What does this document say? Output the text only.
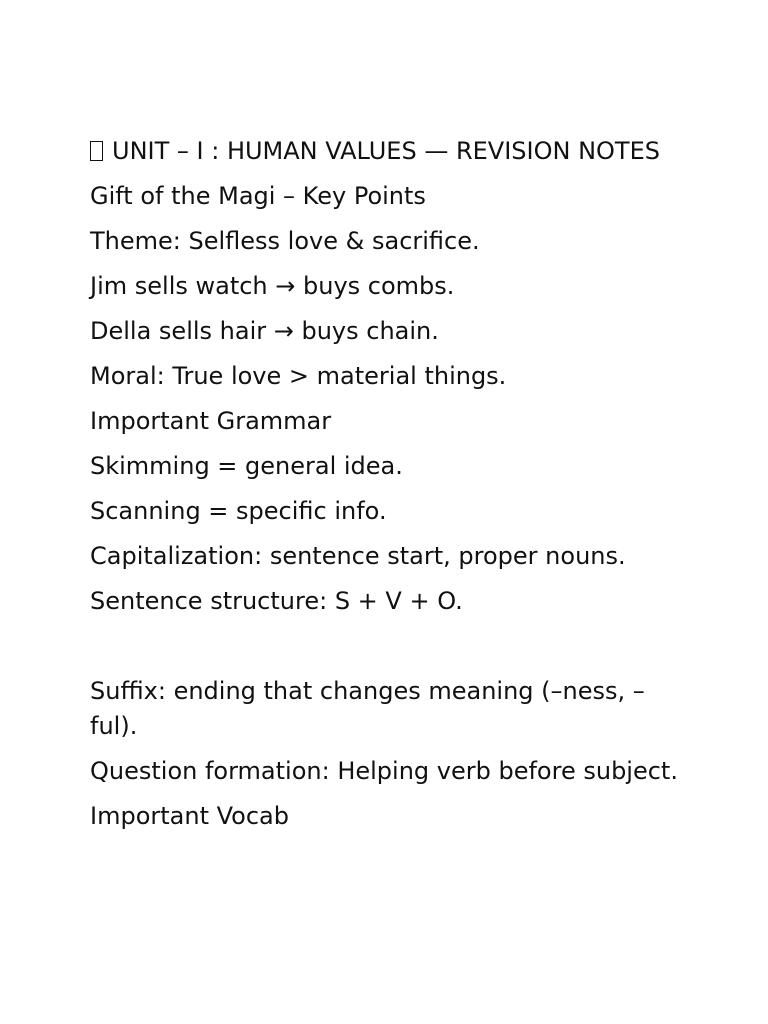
UNIT – I : HUMAN VALUES — REVISION NOTES
Gift of the Magi – Key Points
Theme: Selfless love & sacrifice.
Jim sells watch → buys combs.
Della sells hair → buys chain.
Moral: True love > material things.
Important Grammar
Skimming = general idea.
Scanning = specific info.
Capitalization: sentence start, proper nouns.
Sentence structure: S + V + O.
Suffix: ending that changes meaning (–ness, –ful).
Question formation: Helping verb before subject.
Important Vocab
